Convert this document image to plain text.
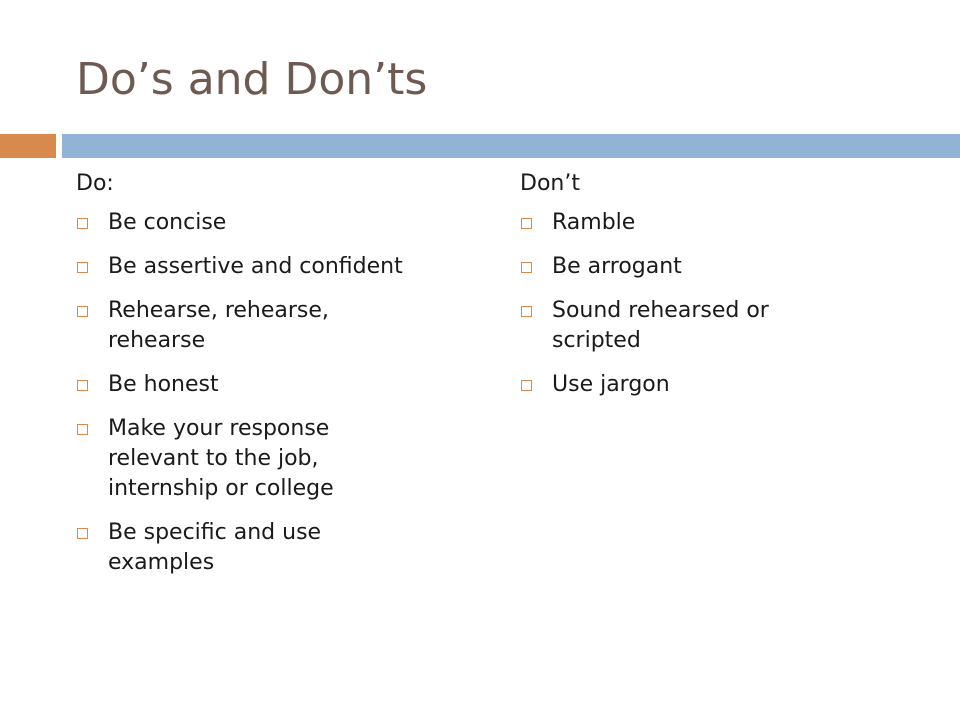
Do’s and Don’ts
Do:
Be concise
Be assertive and confident
Rehearse, rehearse,
rehearse
Be honest
Make your response
relevant to the job,
internship or college
Be specific and use
examples
Don’t
Ramble
Be arrogant
Sound rehearsed or
scripted
Use jargon
